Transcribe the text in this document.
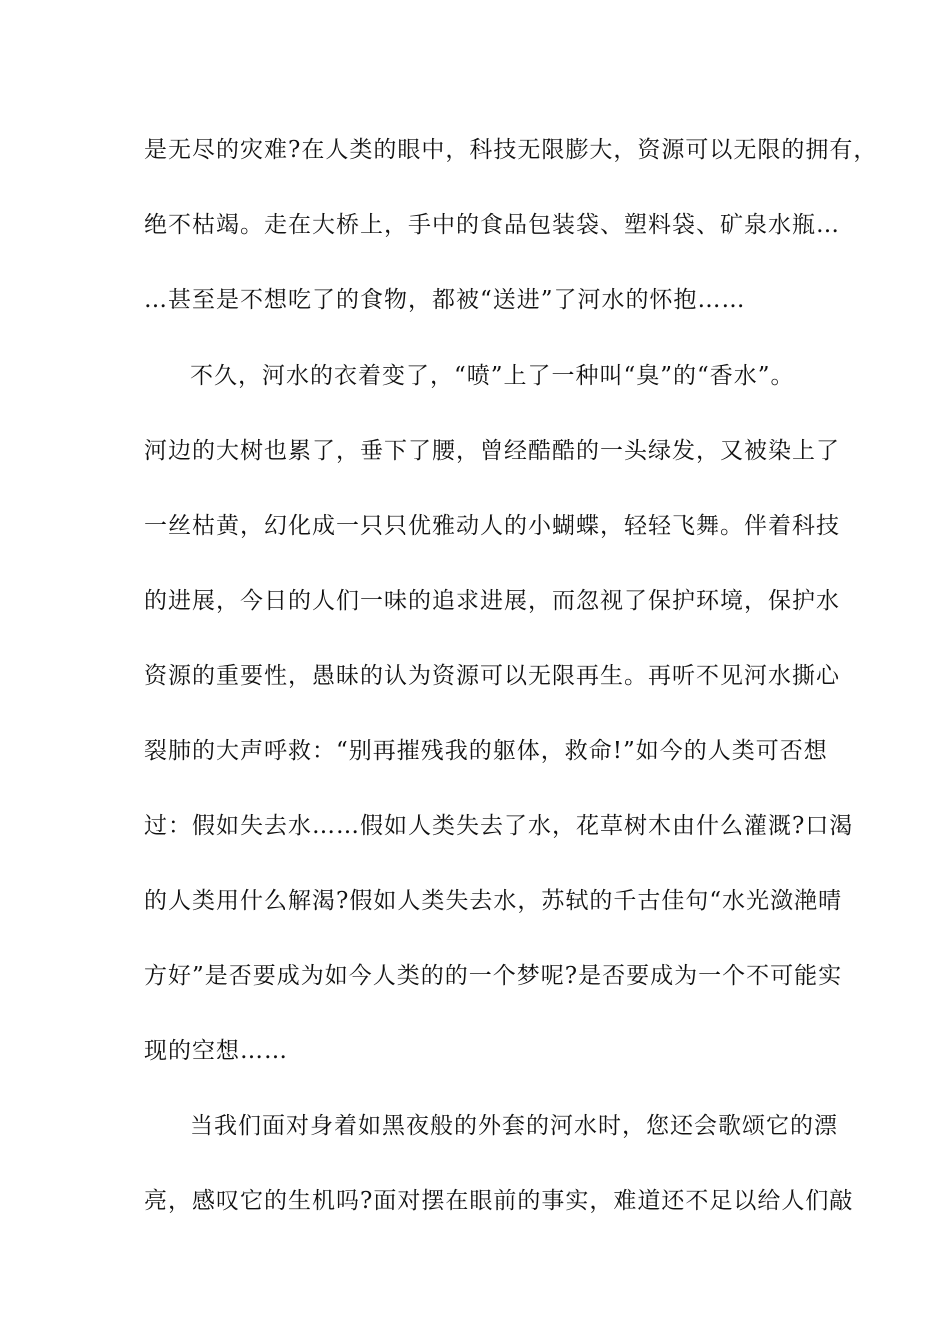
是无尽的灾难?在人类的眼中，科技无限膨大，资源可以无限的拥有，
绝不枯竭。走在大桥上，手中的食品包装袋、塑料袋、矿泉水瓶…
…甚至是不想吃了的食物，都被“送进”了河水的怀抱……
不久，河水的衣着变了，“喷”上了一种叫“臭”的“香水”。
河边的大树也累了，垂下了腰，曾经酷酷的一头绿发，又被染上了
一丝枯黄，幻化成一只只优雅动人的小蝴蝶，轻轻飞舞。伴着科技
的进展，今日的人们一味的追求进展，而忽视了保护环境，保护水
资源的重要性，愚昧的认为资源可以无限再生。再听不见河水撕心
裂肺的大声呼救：“别再摧残我的躯体，救命!”如今的人类可否想
过：假如失去水……假如人类失去了水，花草树木由什么灌溉?口渴
的人类用什么解渴?假如人类失去水，苏轼的千古佳句“水光潋滟晴
方好”是否要成为如今人类的的一个梦呢?是否要成为一个不可能实
现的空想……
当我们面对身着如黑夜般的外套的河水时，您还会歌颂它的漂
亮，感叹它的生机吗?面对摆在眼前的事实，难道还不足以给人们敲
